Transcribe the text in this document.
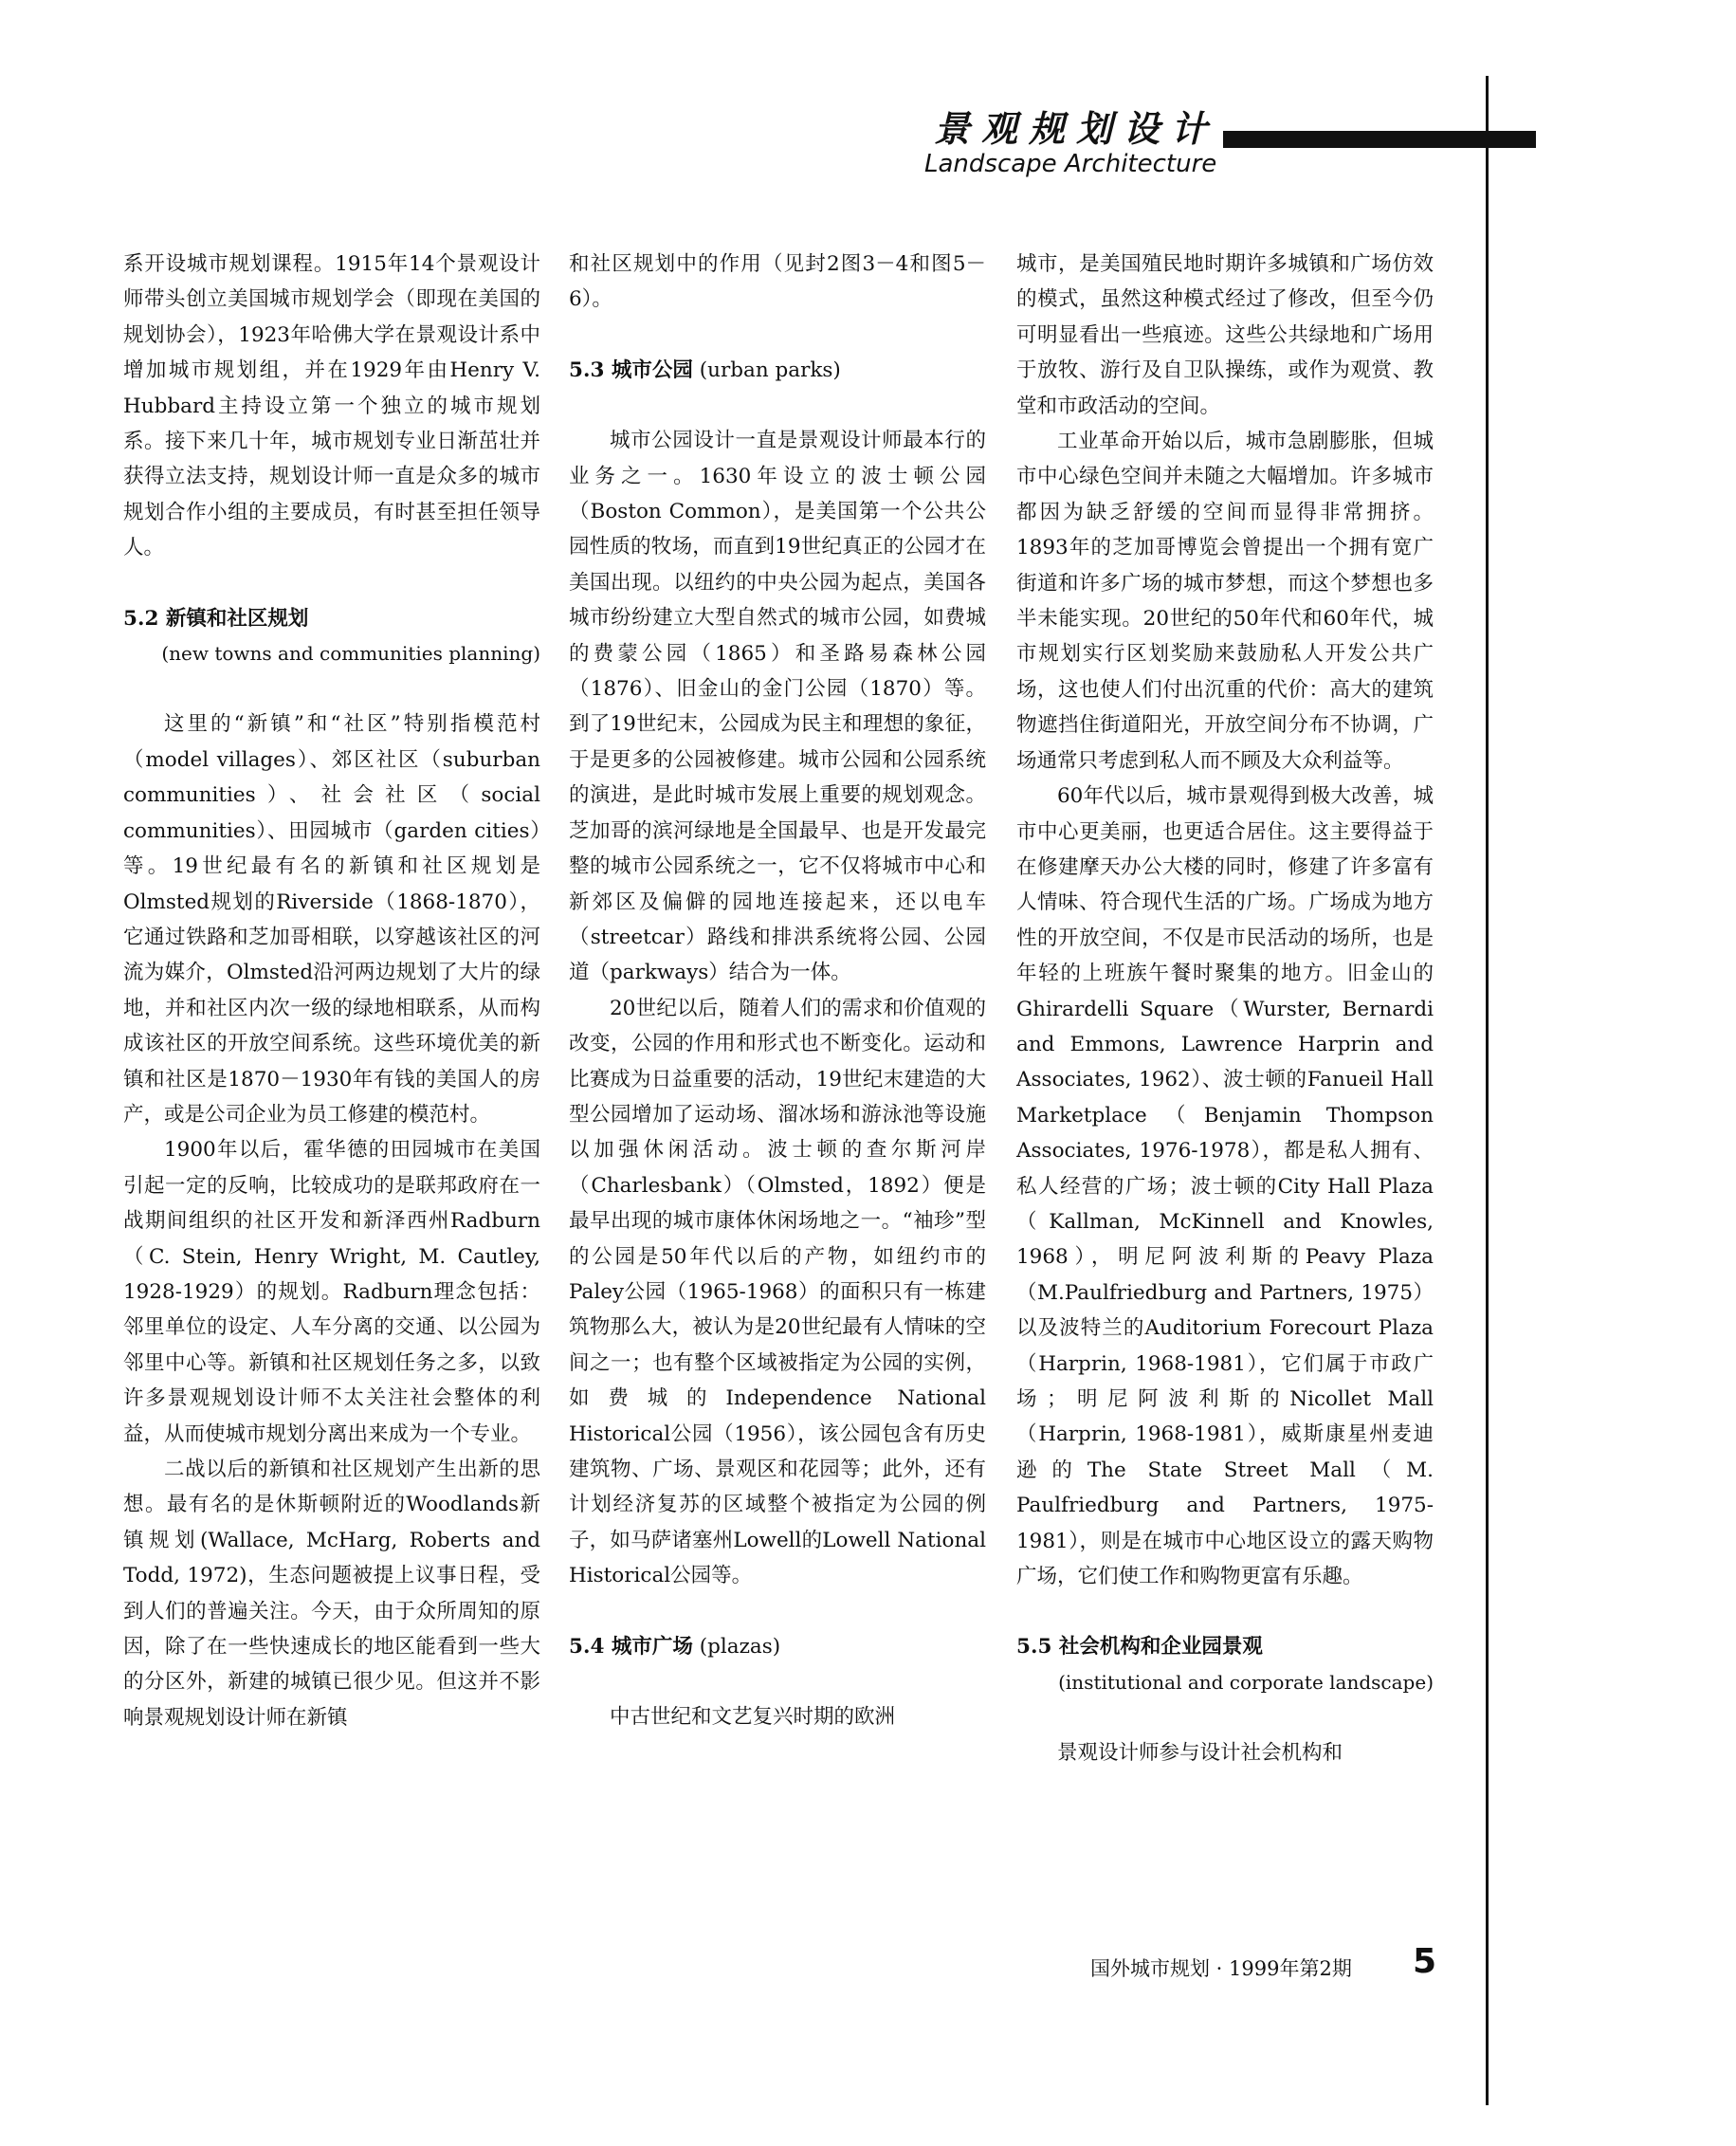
景观规划设计
Landscape Architecture

系开设城市规划课程。1915年14个景观设计师带头创立美国城市规划学会（即现在美国的规划协会），1923年哈佛大学在景观设计系中增加城市规划组，并在1929年由Henry V. Hubbard主持设立第一个独立的城市规划系。接下来几十年，城市规划专业日渐茁壮并获得立法支持，规划设计师一直是众多的城市规划合作小组的主要成员，有时甚至担任领导人。

5.2 新镇和社区规划

(new towns and communities planning)

这里的“新镇”和“社区”特别指模范村（model villages）、郊区社区（suburban communities）、社会社区（social communities）、田园城市（garden cities）等。19世纪最有名的新镇和社区规划是Olmsted规划的Riverside（1868-1870），它通过铁路和芝加哥相联，以穿越该社区的河流为媒介，Olmsted沿河两边规划了大片的绿地，并和社区内次一级的绿地相联系，从而构成该社区的开放空间系统。这些环境优美的新镇和社区是1870－1930年有钱的美国人的房产，或是公司企业为员工修建的模范村。

1900年以后，霍华德的田园城市在美国引起一定的反响，比较成功的是联邦政府在一战期间组织的社区开发和新泽西州Radburn（C. Stein, Henry Wright, M. Cautley, 1928-1929）的规划。Radburn理念包括：邻里单位的设定、人车分离的交通、以公园为邻里中心等。新镇和社区规划任务之多，以致许多景观规划设计师不太关注社会整体的利益，从而使城市规划分离出来成为一个专业。

二战以后的新镇和社区规划产生出新的思想。最有名的是休斯顿附近的Woodlands新镇规划(Wallace, McHarg, Roberts and Todd, 1972)，生态问题被提上议事日程，受到人们的普遍关注。今天，由于众所周知的原因，除了在一些快速成长的地区能看到一些大的分区外，新建的城镇已很少见。但这并不影响景观规划设计师在新镇

和社区规划中的作用（见封2图3－4和图5－6）。

5.3 城市公园 (urban parks)

城市公园设计一直是景观设计师最本行的业务之一。1630年设立的波士顿公园（Boston Common），是美国第一个公共公园性质的牧场，而直到19世纪真正的公园才在美国出现。以纽约的中央公园为起点，美国各城市纷纷建立大型自然式的城市公园，如费城的费蒙公园（1865）和圣路易森林公园（1876）、旧金山的金门公园（1870）等。到了19世纪末，公园成为民主和理想的象征，于是更多的公园被修建。城市公园和公园系统的演进，是此时城市发展上重要的规划观念。芝加哥的滨河绿地是全国最早、也是开发最完整的城市公园系统之一，它不仅将城市中心和新郊区及偏僻的园地连接起来，还以电车（streetcar）路线和排洪系统将公园、公园道（parkways）结合为一体。

20世纪以后，随着人们的需求和价值观的改变，公园的作用和形式也不断变化。运动和比赛成为日益重要的活动，19世纪末建造的大型公园增加了运动场、溜冰场和游泳池等设施以加强休闲活动。波士顿的查尔斯河岸（Charlesbank）（Olmsted，1892）便是最早出现的城市康体休闲场地之一。“袖珍”型的公园是50年代以后的产物，如纽约市的Paley公园（1965-1968）的面积只有一栋建筑物那么大，被认为是20世纪最有人情味的空间之一；也有整个区域被指定为公园的实例，如费城的Independence National Historical公园（1956），该公园包含有历史建筑物、广场、景观区和花园等；此外，还有计划经济复苏的区域整个被指定为公园的例子，如马萨诸塞州Lowell的Lowell National Historical公园等。

5.4 城市广场 (plazas)

中古世纪和文艺复兴时期的欧洲

城市，是美国殖民地时期许多城镇和广场仿效的模式，虽然这种模式经过了修改，但至今仍可明显看出一些痕迹。这些公共绿地和广场用于放牧、游行及自卫队操练，或作为观赏、教堂和市政活动的空间。

工业革命开始以后，城市急剧膨胀，但城市中心绿色空间并未随之大幅增加。许多城市都因为缺乏舒缓的空间而显得非常拥挤。1893年的芝加哥博览会曾提出一个拥有宽广街道和许多广场的城市梦想，而这个梦想也多半未能实现。20世纪的50年代和60年代，城市规划实行区划奖励来鼓励私人开发公共广场，这也使人们付出沉重的代价：高大的建筑物遮挡住街道阳光，开放空间分布不协调，广场通常只考虑到私人而不顾及大众利益等。

60年代以后，城市景观得到极大改善，城市中心更美丽，也更适合居住。这主要得益于在修建摩天办公大楼的同时，修建了许多富有人情味、符合现代生活的广场。广场成为地方性的开放空间，不仅是市民活动的场所，也是年轻的上班族午餐时聚集的地方。旧金山的Ghirardelli Square（Wurster, Bernardi and Emmons, Lawrence Harprin and Associates, 1962）、波士顿的Fanueil Hall Marketplace（Benjamin Thompson Associates, 1976-1978），都是私人拥有、私人经营的广场；波士顿的City Hall Plaza（Kallman, McKinnell and Knowles, 1968），明尼阿波利斯的Peavy Plaza（M.Paulfriedburg and Partners, 1975）以及波特兰的Auditorium Forecourt Plaza（Harprin, 1968-1981），它们属于市政广场；明尼阿波利斯的Nicollet Mall（Harprin, 1968-1981），威斯康星州麦迪逊的The State Street Mall（M. Paulfriedburg and Partners, 1975-1981），则是在城市中心地区设立的露天购物广场，它们使工作和购物更富有乐趣。

5.5 社会机构和企业园景观

(institutional and corporate landscape)

景观设计师参与设计社会机构和

国外城市规划 · 1999年第2期	5
